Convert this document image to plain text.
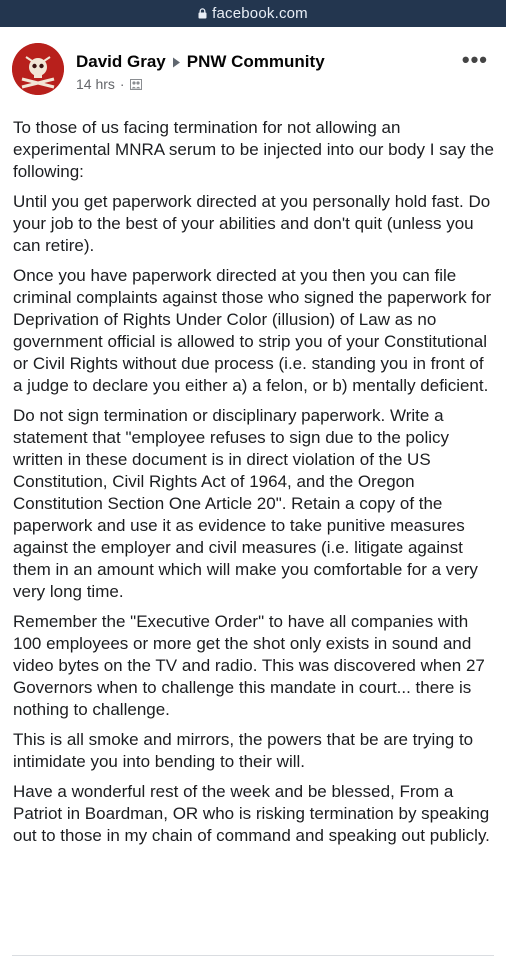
facebook.com
David Gray PNW Community
14 hrs ·
•••

To those of us facing termination for not allowing an experimental MNRA serum to be injected into our body I say the following:

Until you get paperwork directed at you personally hold fast. Do your job to the best of your abilities and don't quit (unless you can retire).

Once you have paperwork directed at you then you can file criminal complaints against those who signed the paperwork for Deprivation of Rights Under Color (illusion) of Law as no government official is allowed to strip you of your Constitutional or Civil Rights without due process (i.e. standing you in front of a judge to declare you either a) a felon, or b) mentally deficient.

Do not sign termination or disciplinary paperwork. Write a statement that "employee refuses to sign due to the policy written in these document is in direct violation of the US Constitution, Civil Rights Act of 1964, and the Oregon Constitution Section One Article 20". Retain a copy of the paperwork and use it as evidence to take punitive measures against the employer and civil measures (i.e. litigate against them in an amount which will make you comfortable for a very very long time.

Remember the "Executive Order" to have all companies with 100 employees or more get the shot only exists in sound and video bytes on the TV and radio. This was discovered when 27 Governors when to challenge this mandate in court... there is nothing to challenge.

This is all smoke and mirrors, the powers that be are trying to intimidate you into bending to their will.

Have a wonderful rest of the week and be blessed, From a Patriot in Boardman, OR who is risking termination by speaking out to those in my chain of command and speaking out publicly.
